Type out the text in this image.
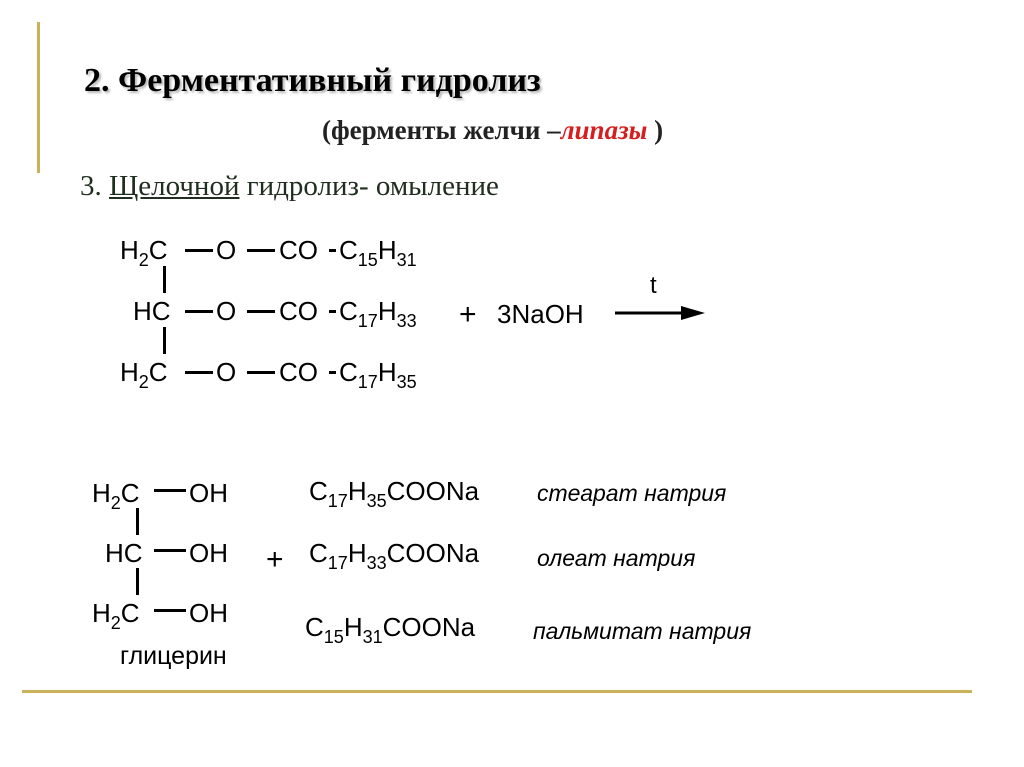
2. Ферментативный гидролиз
(ферменты желчи –липазы )
3. Щелочной гидролиз- омыление
$H_2C$ O CO $C_{15}H_{31}$
HC O CO $C_{17}H_{33}$
$H_2C$ O CO $C_{17}H_{35}$
+ 3NaOH
t
$H_2C$ OH
HC OH
$H_2C$ OH
глицерин
+
$C_{17}H_{35}COONa$	стеарат натрия
$C_{17}H_{33}COONa$	олеат натрия
$C_{15}H_{31}COONa$	пальмитат натрия
